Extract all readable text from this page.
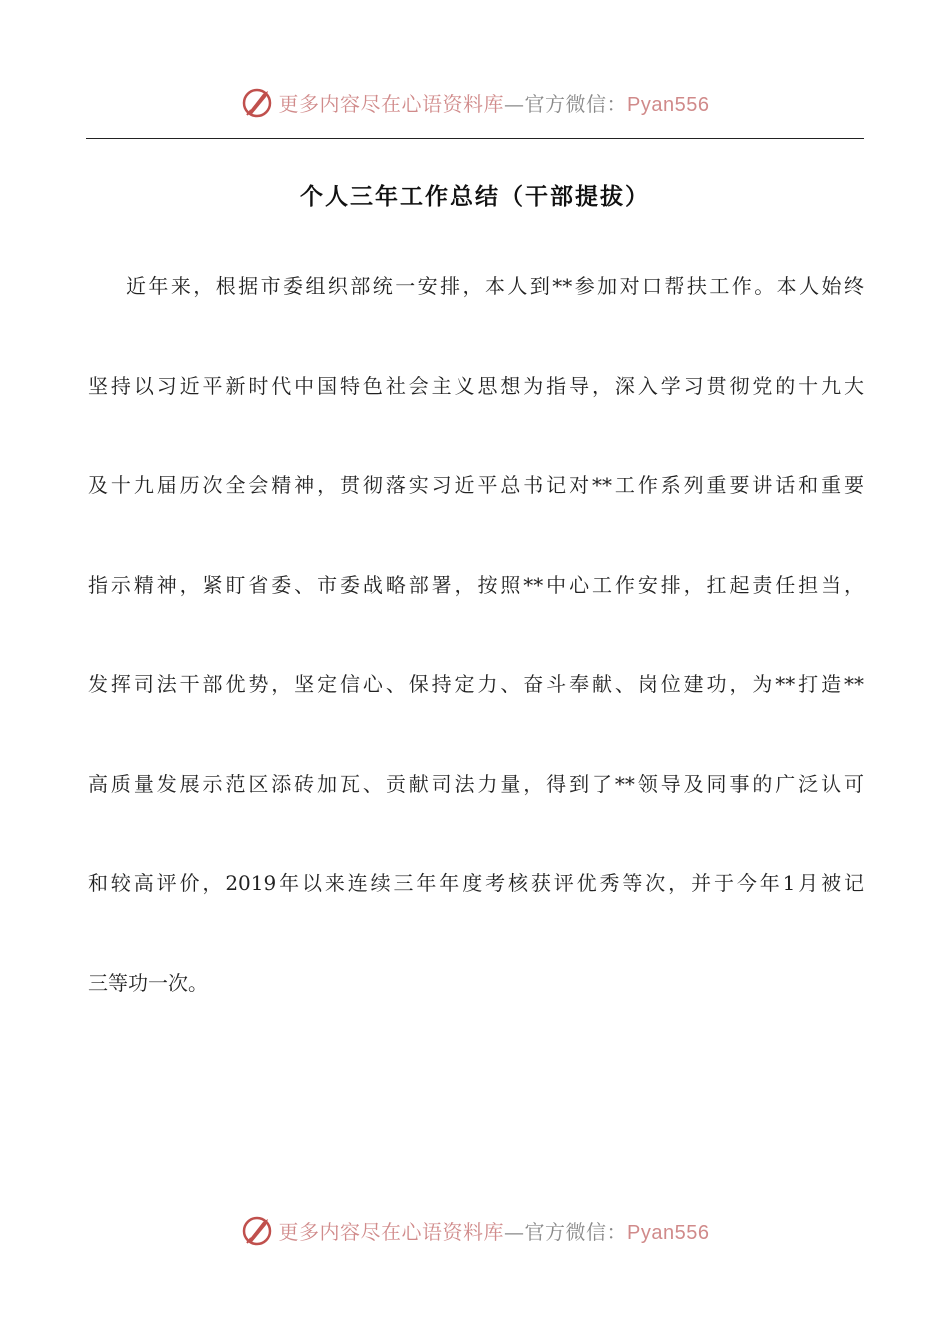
更多内容尽在心语资料库—官方微信：Pyan556
个人三年工作总结（干部提拔）
近年来，根据市委组织部统一安排，本人到**参加对口帮扶工作。本人始终
坚持以习近平新时代中国特色社会主义思想为指导，深入学习贯彻党的十九大
及十九届历次全会精神，贯彻落实习近平总书记对**工作系列重要讲话和重要
指示精神，紧盯省委、市委战略部署，按照**中心工作安排，扛起责任担当，
发挥司法干部优势，坚定信心、保持定力、奋斗奉献、岗位建功，为**打造**
高质量发展示范区添砖加瓦、贡献司法力量，得到了**领导及同事的广泛认可
和较高评价，2019年以来连续三年年度考核获评优秀等次，并于今年1月被记
三等功一次。
更多内容尽在心语资料库—官方微信：Pyan556
